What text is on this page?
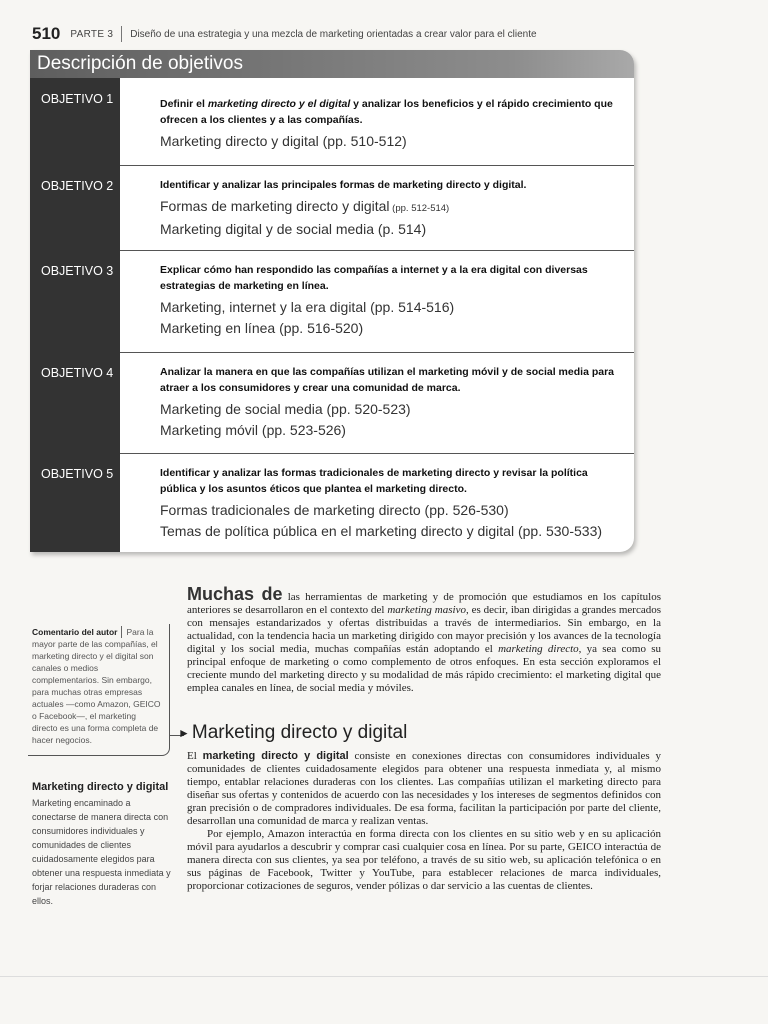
510 PARTE 3 Diseño de una estrategia y una mezcla de marketing orientadas a crear valor para el cliente
Descripción de objetivos
OBJETIVO 1	Definir el marketing directo y el digital y analizar los beneficios y el rápido crecimiento que ofrecen a los clientes y a las compañías.
Marketing directo y digital (pp. 510-512)
OBJETIVO 2	Identificar y analizar las principales formas de marketing directo y digital.
Formas de marketing directo y digital (pp. 512-514)
Marketing digital y de social media (p. 514)
OBJETIVO 3	Explicar cómo han respondido las compañías a internet y a la era digital con diversas estrategias de marketing en línea.
Marketing, internet y la era digital (pp. 514-516)
Marketing en línea (pp. 516-520)
OBJETIVO 4	Analizar la manera en que las compañías utilizan el marketing móvil y de social media para atraer a los consumidores y crear una comunidad de marca.
Marketing de social media (pp. 520-523)
Marketing móvil (pp. 523-526)
OBJETIVO 5	Identificar y analizar las formas tradicionales de marketing directo y revisar la política pública y los asuntos éticos que plantea el marketing directo.
Formas tradicionales de marketing directo (pp. 526-530)
Temas de política pública en el marketing directo y digital (pp. 530-533)
Comentario del autor	Para la mayor parte de las compañías, el marketing directo y el digital son canales o medios complementarios. Sin embargo, para muchas otras empresas actuales —como Amazon, GEICO o Facebook—, el marketing directo es una forma completa de hacer negocios.
Marketing directo y digital
Marketing encaminado a conectarse de manera directa con consumidores individuales y comunidades de clientes cuidadosamente elegidos para obtener una respuesta inmediata y forjar relaciones duraderas con ellos.

Muchas de las herramientas de marketing y de promoción que estudiamos en los capítulos anteriores se desarrollaron en el contexto del marketing masivo, es decir, iban dirigidas a grandes mercados con mensajes estandarizados y ofertas distribuidas a través de intermediarios. Sin embargo, en la actualidad, con la tendencia hacia un marketing dirigido con mayor precisión y los avances de la tecnología digital y los social media, muchas compañías están adoptando el marketing directo, ya sea como su principal enfoque de marketing o como complemento de otros enfoques. En esta sección exploramos el creciente mundo del marketing directo y su modalidad de más rápido crecimiento: el marketing digital que emplea canales en línea, de social media y móviles.

► Marketing directo y digital

El marketing directo y digital consiste en conexiones directas con consumidores individuales y comunidades de clientes cuidadosamente elegidos para obtener una respuesta inmediata y, al mismo tiempo, entablar relaciones duraderas con los clientes. Las compañías utilizan el marketing directo para diseñar sus ofertas y contenidos de acuerdo con las necesidades y los intereses de segmentos definidos con gran precisión o de compradores individuales. De esa forma, facilitan la participación por parte del cliente, desarrollan una comunidad de marca y realizan ventas.

Por ejemplo, Amazon interactúa en forma directa con los clientes en su sitio web y en su aplicación móvil para ayudarlos a descubrir y comprar casi cualquier cosa en línea. Por su parte, GEICO interactúa de manera directa con sus clientes, ya sea por teléfono, a través de su sitio web, su aplicación telefónica o en sus páginas de Facebook, Twitter y YouTube, para establecer relaciones de marca individuales, proporcionar cotizaciones de seguros, vender pólizas o dar servicio a las cuentas de clientes.
